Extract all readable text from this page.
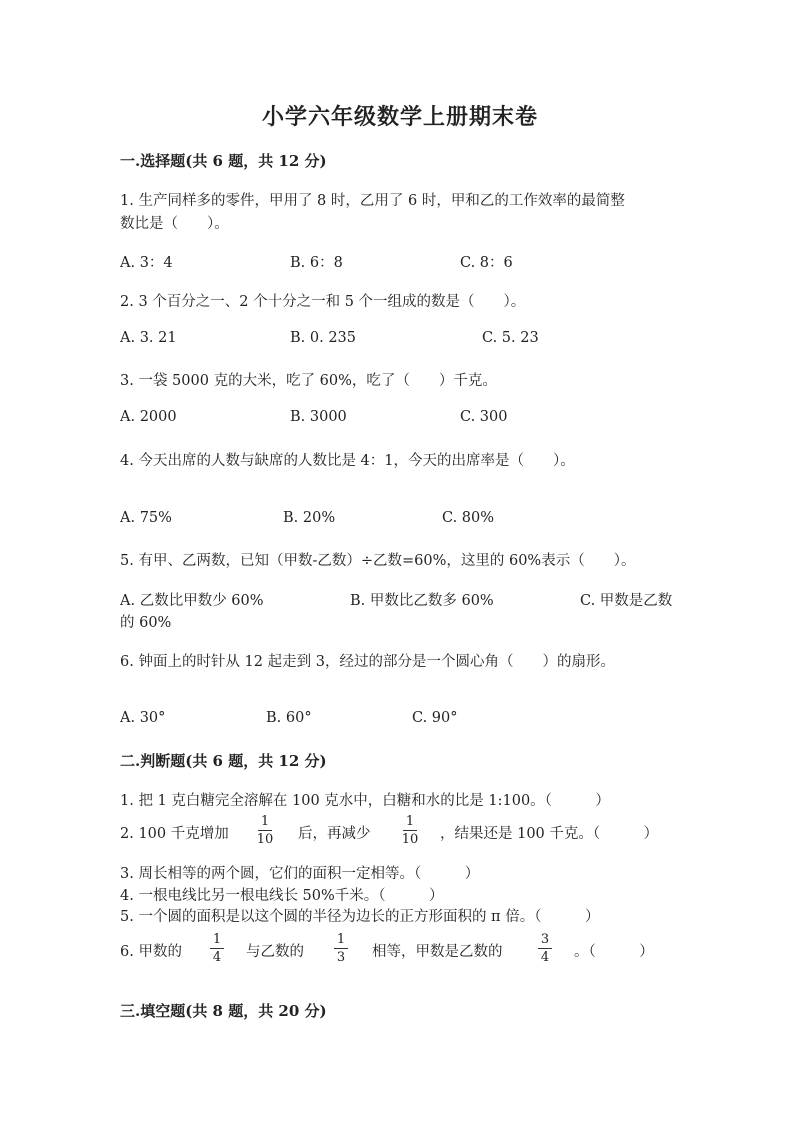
小学六年级数学上册期末卷
一.选择题(共 6 题，共 12 分)
1. 生产同样多的零件，甲用了 8 时，乙用了 6 时，甲和乙的工作效率的最简整
数比是（　　）。
A. 3：4	B. 6：8	C. 8：6
2. 3 个百分之一、2 个十分之一和 5 个一组成的数是（　　）。
A. 3. 21	B. 0. 235	C. 5. 23
3. 一袋 5000 克的大米，吃了 60%，吃了（　　）千克。
A. 2000	B. 3000	C. 300
4. 今天出席的人数与缺席的人数比是 4：1，今天的出席率是（　　）。
A. 75%	B. 20%	C. 80%
5. 有甲、乙两数，已知（甲数-乙数）÷乙数=60%，这里的 60%表示（　　）。
A. 乙数比甲数少 60%	B. 甲数比乙数多 60%	C. 甲数是乙数
的 60%
6. 钟面上的时针从 12 起走到 3，经过的部分是一个圆心角（　　）的扇形。
A. 30°	B. 60°	C. 90°
二.判断题(共 6 题，共 12 分)
1. 把 1 克白糖完全溶解在 100 克水中，白糖和水的比是 1:100。（　　　）
2. 100 千克增加
1
10 后，再减少
1
10 ，结果还是 100 千克。（　　　）
3. 周长相等的两个圆，它们的面积一定相等。（　　　）
4. 一根电线比另一根电线长 50%千米。（　　　）
5. 一个圆的面积是以这个圆的半径为边长的正方形面积的 π 倍。（　　　）
6. 甲数的
1
4 与乙数的
1
3 相等，甲数是乙数的
3
4 。（　　　）
三.填空题(共 8 题，共 20 分)
